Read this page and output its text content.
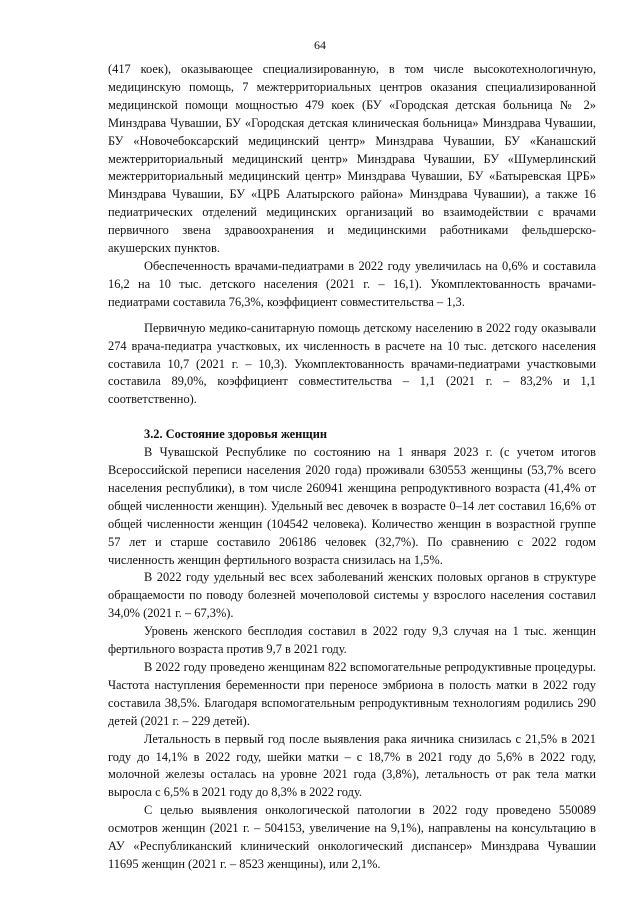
64

(417 коек), оказывающее специализированную, в том числе высокотехнологичную, медицинскую помощь, 7 межтерриториальных центров оказания специализированной медицинской помощи мощностью 479 коек (БУ «Городская детская больница № 2» Минздрава Чувашии, БУ «Городская детская клиническая больница» Минздрава Чувашии, БУ «Новочебоксарский медицинский центр» Минздрава Чувашии, БУ «Канашский межтерриториальный медицинский центр» Минздрава Чувашии, БУ «Шумерлинский межтерриториальный медицинский центр» Минздрава Чувашии, БУ «Батыревская ЦРБ» Минздрава Чувашии, БУ «ЦРБ Алатырского района» Минздрава Чувашии), а также 16 педиатрических отделений медицинских организаций во взаимодействии с врачами первичного звена здравоохранения и медицинскими работниками фельдшерско-акушерских пунктов.

Обеспеченность врачами-педиатрами в 2022 году увеличилась на 0,6% и составила 16,2 на 10 тыс. детского населения (2021 г. – 16,1). Укомплектованность врачами-педиатрами составила 76,3%, коэффициент совместительства – 1,3.

Первичную медико-санитарную помощь детскому населению в 2022 году оказывали 274 врача-педиатра участковых, их численность в расчете на 10 тыс. детского населения составила 10,7 (2021 г. – 10,3). Укомплектованность врачами-педиатрами участковыми составила 89,0%, коэффициент совместительства – 1,1 (2021 г. – 83,2% и 1,1 соответственно).

3.2. Состояние здоровья женщин

В Чувашской Республике по состоянию на 1 января 2023 г. (с учетом итогов Всероссийской переписи населения 2020 года) проживали 630553 женщины (53,7% всего населения республики), в том числе 260941 женщина репродуктивного возраста (41,4% от общей численности женщин). Удельный вес девочек в возрасте 0–14 лет составил 16,6% от общей численности женщин (104542 человека). Количество женщин в возрастной группе 57 лет и старше составило 206186 человек (32,7%). По сравнению с 2022 годом численность женщин фертильного возраста снизилась на 1,5%.

В 2022 году удельный вес всех заболеваний женских половых органов в структуре обращаемости по поводу болезней мочеполовой системы у взрослого населения составил 34,0% (2021 г. – 67,3%).

Уровень женского бесплодия составил в 2022 году 9,3 случая на 1 тыс. женщин фертильного возраста против 9,7 в 2021 году.

В 2022 году проведено женщинам 822 вспомогательные репродуктивные процедуры. Частота наступления беременности при переносе эмбриона в полость матки в 2022 году составила 38,5%. Благодаря вспомогательным репродуктивным технологиям родились 290 детей (2021 г. – 229 детей).

Летальность в первый год после выявления рака яичника снизилась с 21,5% в 2021 году до 14,1% в 2022 году, шейки матки – с 18,7% в 2021 году до 5,6% в 2022 году, молочной железы осталась на уровне 2021 года (3,8%), летальность от рак тела матки выросла с 6,5% в 2021 году до 8,3% в 2022 году.

С целью выявления онкологической патологии в 2022 году проведено 550089 осмотров женщин (2021 г. – 504153, увеличение на 9,1%), направлены на консультацию в АУ «Республиканский клинический онкологический диспансер» Минздрава Чувашии 11695 женщин (2021 г. – 8523 женщины), или 2,1%.
